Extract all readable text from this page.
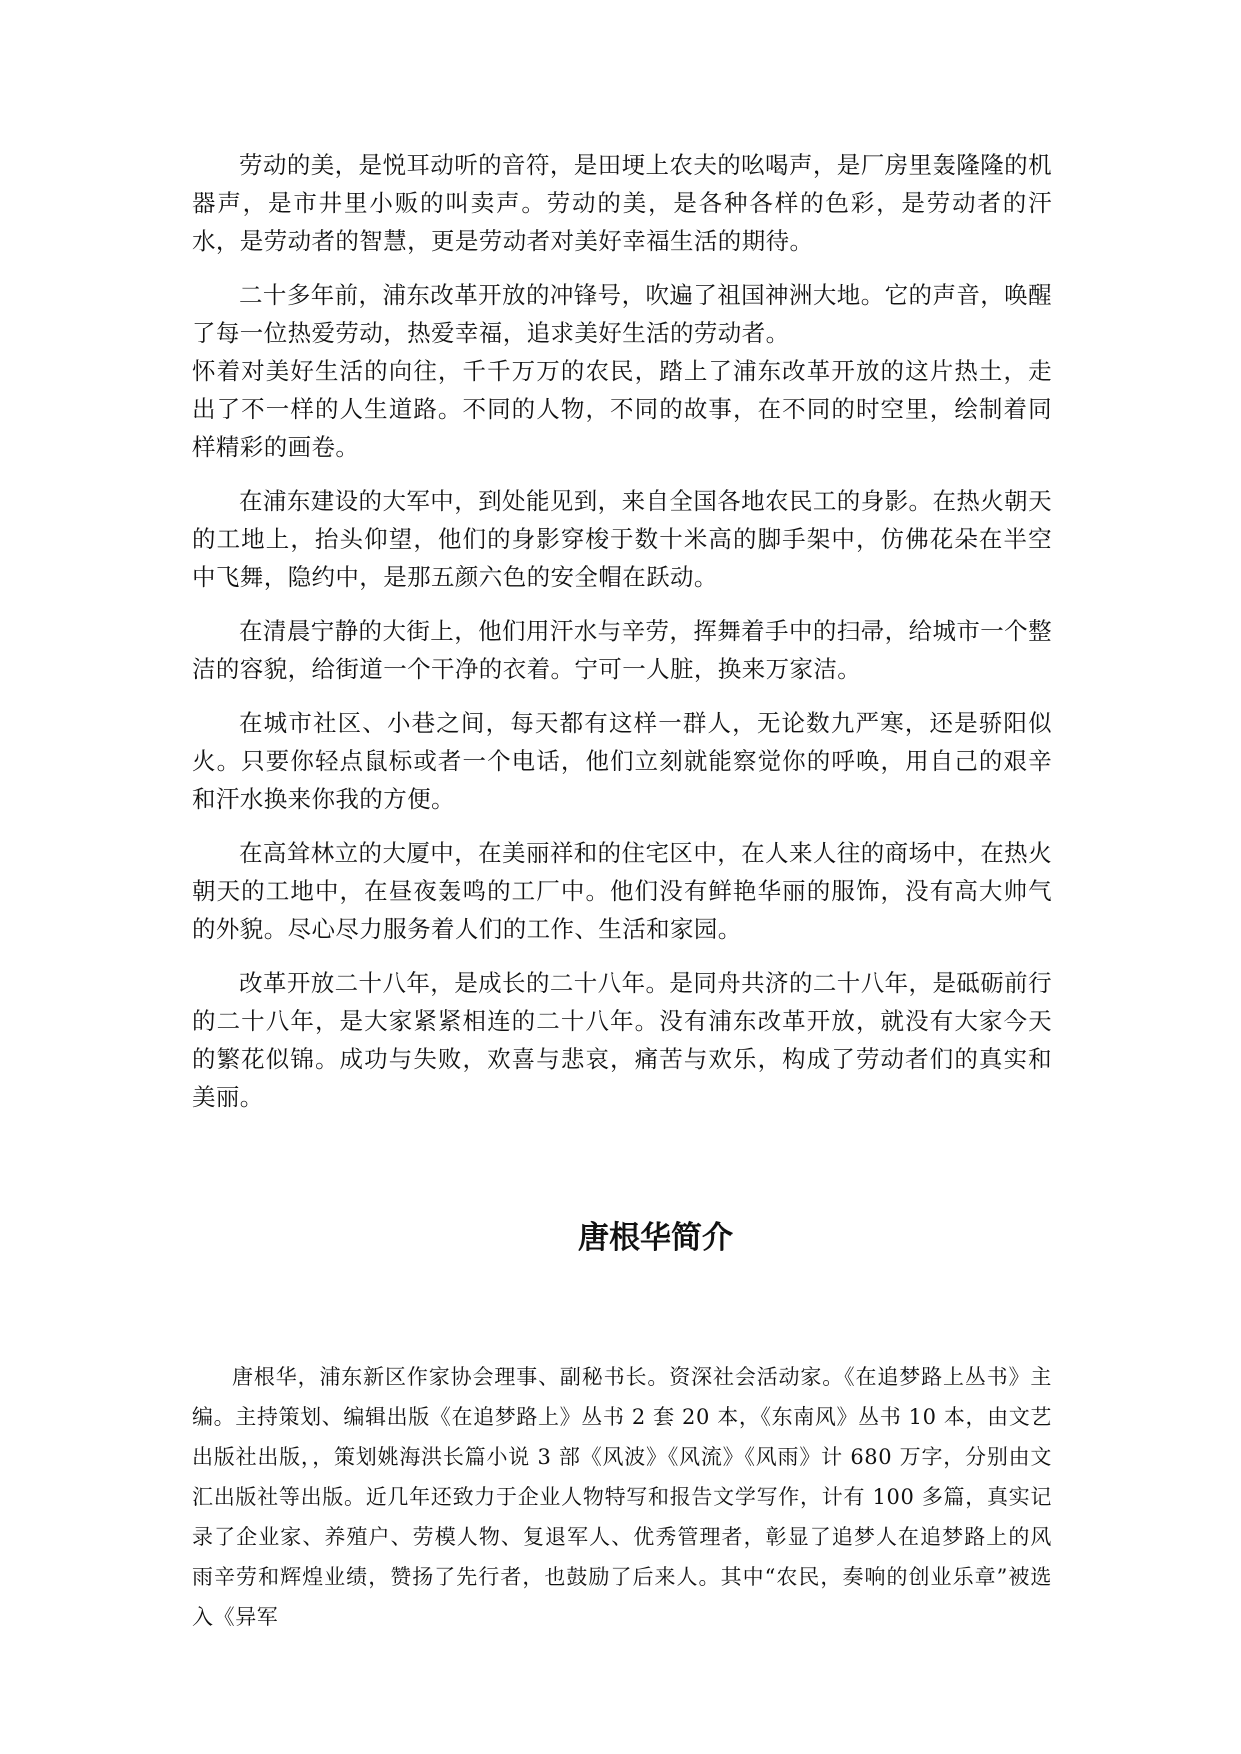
劳动的美，是悦耳动听的音符，是田埂上农夫的吆喝声，是厂房里轰隆隆的机器声，是市井里小贩的叫卖声。劳动的美，是各种各样的色彩，是劳动者的汗水，是劳动者的智慧，更是劳动者对美好幸福生活的期待。

二十多年前，浦东改革开放的冲锋号，吹遍了祖国神洲大地。它的声音，唤醒了每一位热爱劳动，热爱幸福，追求美好生活的劳动者。

怀着对美好生活的向往，千千万万的农民，踏上了浦东改革开放的这片热土，走出了不一样的人生道路。不同的人物，不同的故事，在不同的时空里，绘制着同样精彩的画卷。

在浦东建设的大军中，到处能见到，来自全国各地农民工的身影。在热火朝天的工地上，抬头仰望，他们的身影穿梭于数十米高的脚手架中，仿佛花朵在半空中飞舞，隐约中，是那五颜六色的安全帽在跃动。

在清晨宁静的大街上，他们用汗水与辛劳，挥舞着手中的扫帚，给城市一个整洁的容貌，给街道一个干净的衣着。宁可一人脏，换来万家洁。

在城市社区、小巷之间，每天都有这样一群人，无论数九严寒，还是骄阳似火。只要你轻点鼠标或者一个电话，他们立刻就能察觉你的呼唤，用自己的艰辛和汗水换来你我的方便。

在高耸林立的大厦中，在美丽祥和的住宅区中，在人来人往的商场中，在热火朝天的工地中，在昼夜轰鸣的工厂中。他们没有鲜艳华丽的服饰，没有高大帅气的外貌。尽心尽力服务着人们的工作、生活和家园。

改革开放二十八年，是成长的二十八年。是同舟共济的二十八年，是砥砺前行的二十八年，是大家紧紧相连的二十八年。没有浦东改革开放，就没有大家今天的繁花似锦。成功与失败，欢喜与悲哀，痛苦与欢乐，构成了劳动者们的真实和美丽。

唐根华简介

唐根华，浦东新区作家协会理事、副秘书长。资深社会活动家。《在追梦路上丛书》主编。主持策划、编辑出版《在追梦路上》丛书 2 套 20 本，《东南风》丛书 10 本，由文艺出版社出版，，策划姚海洪长篇小说 3 部《风波》《风流》《风雨》计 680 万字，分别由文汇出版社等出版。近几年还致力于企业人物特写和报告文学写作，计有 100 多篇，真实记录了企业家、养殖户、劳模人物、复退军人、优秀管理者，彰显了追梦人在追梦路上的风雨辛劳和辉煌业绩，赞扬了先行者，也鼓励了后来人。其中“农民，奏响的创业乐章”被选入《异军
